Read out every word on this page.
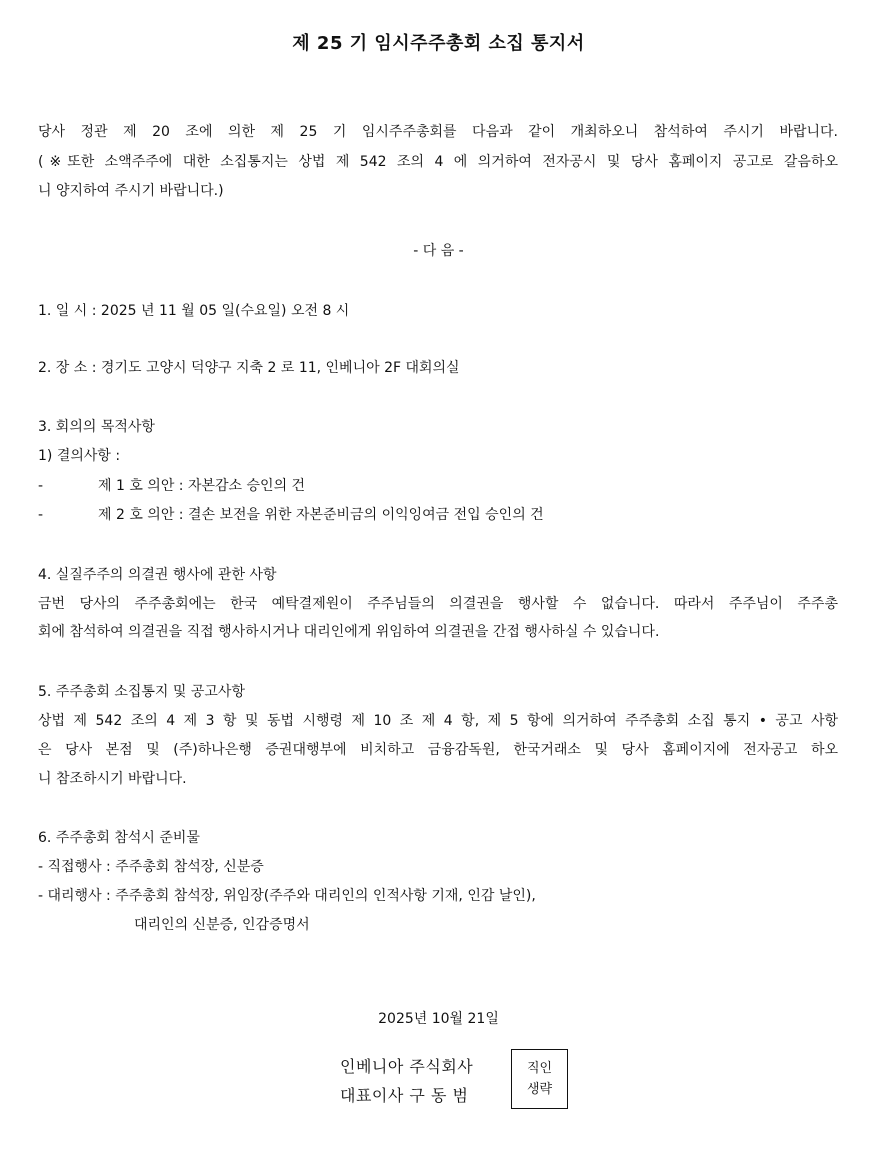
제 25 기 임시주주총회 소집 통지서
당사 정관 제 20 조에 의한 제 25 기 임시주주총회를 다음과 같이 개최하오니 참석하여 주시기 바랍니다.
(※또한 소액주주에 대한 소집통지는 상법 제 542 조의 4 에 의거하여 전자공시 및 당사 홈페이지 공고로 갈음하오
니 양지하여 주시기 바랍니다.)
- 다 음 -
1. 일 시 : 2025 년 11 월 05 일(수요일) 오전 8 시
2. 장 소 : 경기도 고양시 덕양구 지축 2 로 11, 인베니아 2F 대회의실
3. 회의의 목적사항
1) 결의사항 :
-	제 1 호 의안 : 자본감소 승인의 건
-	제 2 호 의안 : 결손 보전을 위한 자본준비금의 이익잉여금 전입 승인의 건
4. 실질주주의 의결권 행사에 관한 사항
금번 당사의 주주총회에는 한국 예탁결제원이 주주님들의 의결권을 행사할 수 없습니다. 따라서 주주님이 주주총
회에 참석하여 의결권을 직접 행사하시거나 대리인에게 위임하여 의결권을 간접 행사하실 수 있습니다.
5. 주주총회 소집통지 및 공고사항
상법 제 542 조의 4 제 3 항 및 동법 시행령 제 10 조 제 4 항, 제 5 항에 의거하여 주주총회 소집 통지 • 공고 사항
은 당사 본점 및 (주)하나은행 증권대행부에 비치하고 금융감독원, 한국거래소 및 당사 홈페이지에 전자공고 하오
니 참조하시기 바랍니다.
6. 주주총회 참석시 준비물
- 직접행사 : 주주총회 참석장, 신분증
- 대리행사 : 주주총회 참석장, 위임장(주주와 대리인의 인적사항 기재, 인감 날인),
대리인의 신분증, 인감증명서
2025년 10월 21일
인베니아 주식회사
대표이사 구 동 범
직인
생략
